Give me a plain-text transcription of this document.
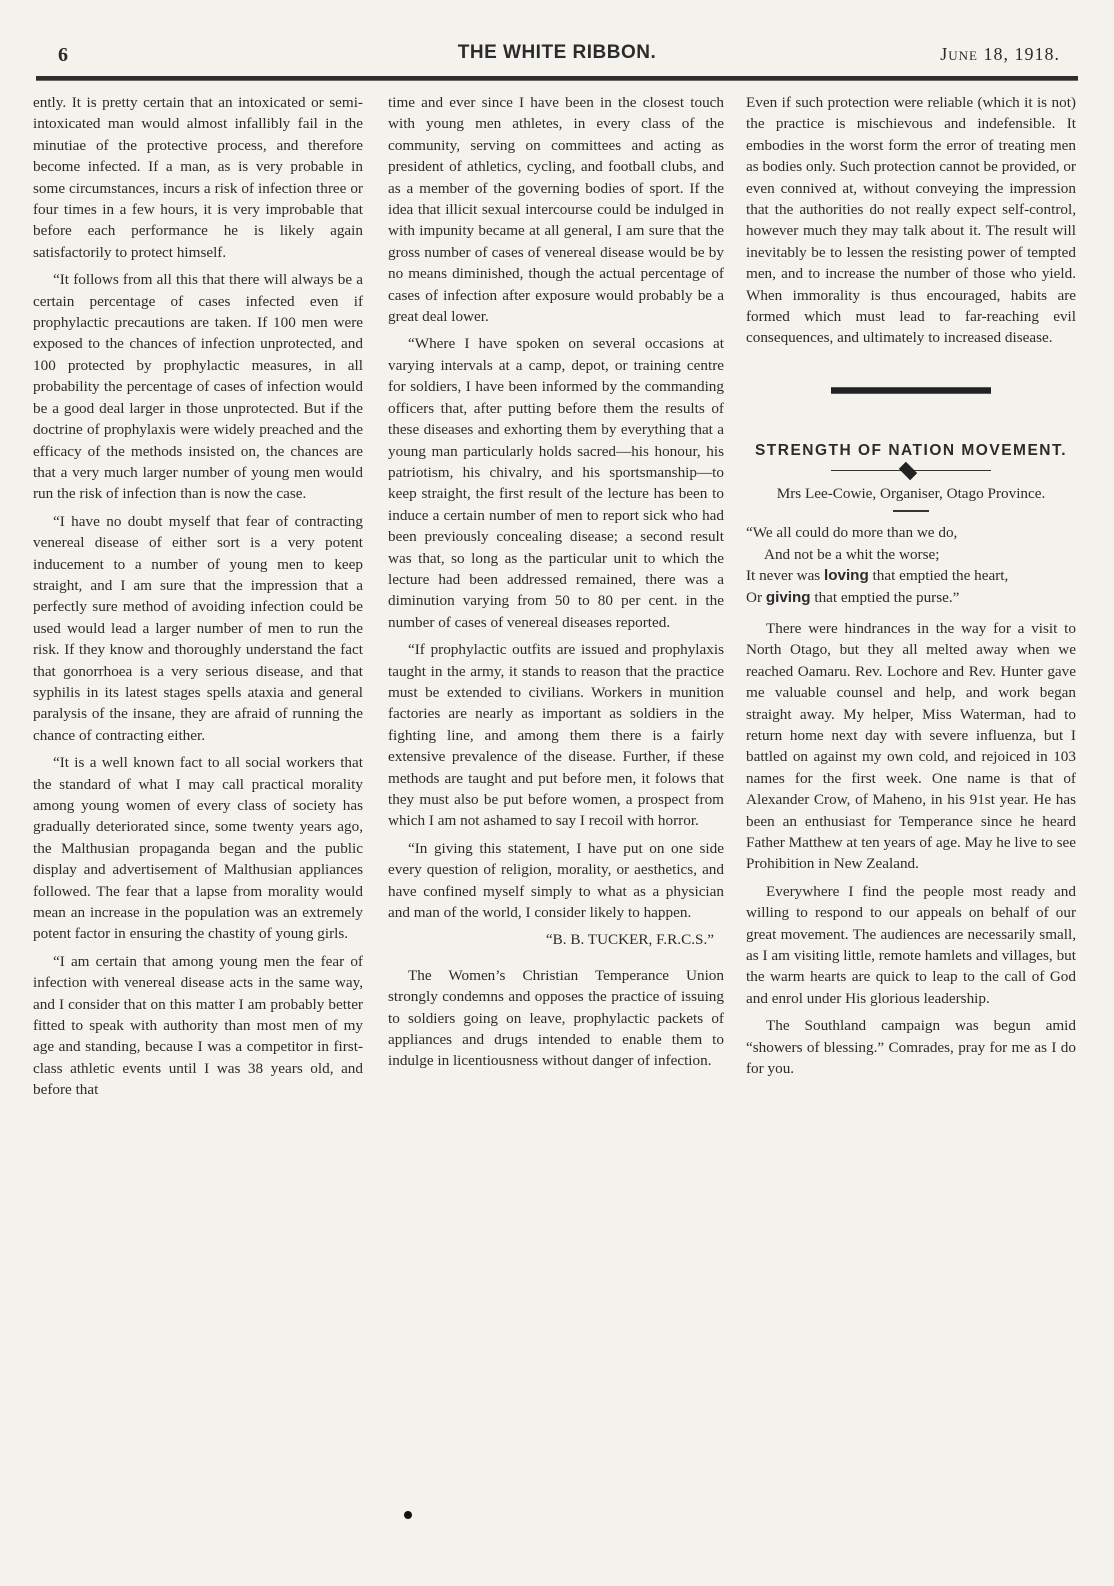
6	THE WHITE RIBBON.	June 18, 1918.

ently. It is pretty certain that an intoxicated or semi-intoxicated man would almost infallibly fail in the minutiae of the protective process, and therefore become infected. If a man, as is very probable in some circumstances, incurs a risk of infection three or four times in a few hours, it is very improbable that before each performance he is likely again satisfactorily to protect himself.

“It follows from all this that there will always be a certain percentage of cases infected even if prophylactic precautions are taken. If 100 men were exposed to the chances of infection unprotected, and 100 protected by prophylactic measures, in all probability the percentage of cases of infection would be a good deal larger in those unprotected. But if the doctrine of prophylaxis were widely preached and the efficacy of the methods insisted on, the chances are that a very much larger number of young men would run the risk of infection than is now the case.

“I have no doubt myself that fear of contracting venereal disease of either sort is a very potent inducement to a number of young men to keep straight, and I am sure that the impression that a perfectly sure method of avoiding infection could be used would lead a larger number of men to run the risk. If they know and thoroughly understand the fact that gonorrhoea is a very serious disease, and that syphilis in its latest stages spells ataxia and general paralysis of the insane, they are afraid of running the chance of contracting either.

“It is a well known fact to all social workers that the standard of what I may call practical morality among young women of every class of society has gradually deteriorated since, some twenty years ago, the Malthusian propaganda began and the public display and advertisement of Malthusian appliances followed. The fear that a lapse from morality would mean an increase in the population was an extremely potent factor in ensuring the chastity of young girls.

“I am certain that among young men the fear of infection with venereal disease acts in the same way, and I consider that on this matter I am probably better fitted to speak with authority than most men of my age and standing, because I was a competitor in first-class athletic events until I was 38 years old, and before that

time and ever since I have been in the closest touch with young men athletes, in every class of the community, serving on committees and acting as president of athletics, cycling, and football clubs, and as a member of the governing bodies of sport. If the idea that illicit sexual intercourse could be indulged in with impunity became at all general, I am sure that the gross number of cases of venereal disease would be by no means diminished, though the actual percentage of cases of infection after exposure would probably be a great deal lower.

“Where I have spoken on several occasions at varying intervals at a camp, depot, or training centre for soldiers, I have been informed by the commanding officers that, after putting before them the results of these diseases and exhorting them by everything that a young man particularly holds sacred—his honour, his patriotism, his chivalry, and his sportsmanship—to keep straight, the first result of the lecture has been to induce a certain number of men to report sick who had been previously concealing disease; a second result was that, so long as the particular unit to which the lecture had been addressed remained, there was a diminution varying from 50 to 80 per cent. in the number of cases of venereal diseases reported.

“If prophylactic outfits are issued and prophylaxis taught in the army, it stands to reason that the practice must be extended to civilians. Workers in munition factories are nearly as important as soldiers in the fighting line, and among them there is a fairly extensive prevalence of the disease. Further, if these methods are taught and put before men, it folows that they must also be put before women, a prospect from which I am not ashamed to say I recoil with horror.

“In giving this statement, I have put on one side every question of religion, morality, or aesthetics, and have confined myself simply to what as a physician and man of the world, I consider likely to happen.

“B. B. TUCKER, F.R.C.S.”

The Women’s Christian Temperance Union strongly condemns and opposes the practice of issuing to soldiers going on leave, prophylactic packets of appliances and drugs intended to enable them to indulge in licentiousness without danger of infection.

Even if such protection were reliable (which it is not) the practice is mischievous and indefensible. It embodies in the worst form the error of treating men as bodies only. Such protection cannot be provided, or even connived at, without conveying the impression that the authorities do not really expect self-control, however much they may talk about it. The result will inevitably be to lessen the resisting power of tempted men, and to increase the number of those who yield. When immorality is thus encouraged, habits are formed which must lead to far-reaching evil consequences, and ultimately to increased disease.

STRENGTH OF NATION MOVEMENT.
Mrs Lee-Cowie, Organiser, Otago Province.
“We all could do more than we do,
And not be a whit the worse;
It never was loving that emptied the heart,
Or giving that emptied the purse.”

There were hindrances in the way for a visit to North Otago, but they all melted away when we reached Oamaru. Rev. Lochore and Rev. Hunter gave me valuable counsel and help, and work began straight away. My helper, Miss Waterman, had to return home next day with severe influenza, but I battled on against my own cold, and rejoiced in 103 names for the first week. One name is that of Alexander Crow, of Maheno, in his 91st year. He has been an enthusiast for Temperance since he heard Father Matthew at ten years of age. May he live to see Prohibition in New Zealand.

Everywhere I find the people most ready and willing to respond to our appeals on behalf of our great movement. The audiences are necessarily small, as I am visiting little, remote hamlets and villages, but the warm hearts are quick to leap to the call of God and enrol under His glorious leadership.

The Southland campaign was begun amid “showers of blessing.” Comrades, pray for me as I do for you.
